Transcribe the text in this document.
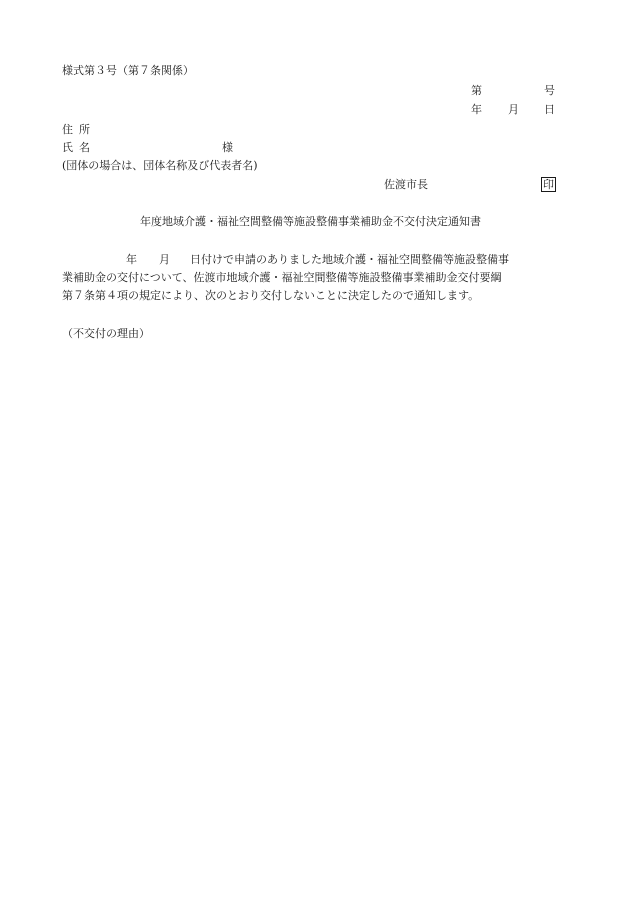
様式第３号（第７条関係）
第	号
年 月 日
住所
氏名	様
(団体の場合は、団体名称及び代表者名)
佐渡市長	印
年度地域介護・福祉空間整備等施設整備事業補助金不交付決定通知書
年 月 日付けで申請のありました地域介護・福祉空間整備等施設整備事
業補助金の交付について、佐渡市地域介護・福祉空間整備等施設整備事業補助金交付要綱
第７条第４項の規定により、次のとおり交付しないことに決定したので通知します。
（不交付の理由）
